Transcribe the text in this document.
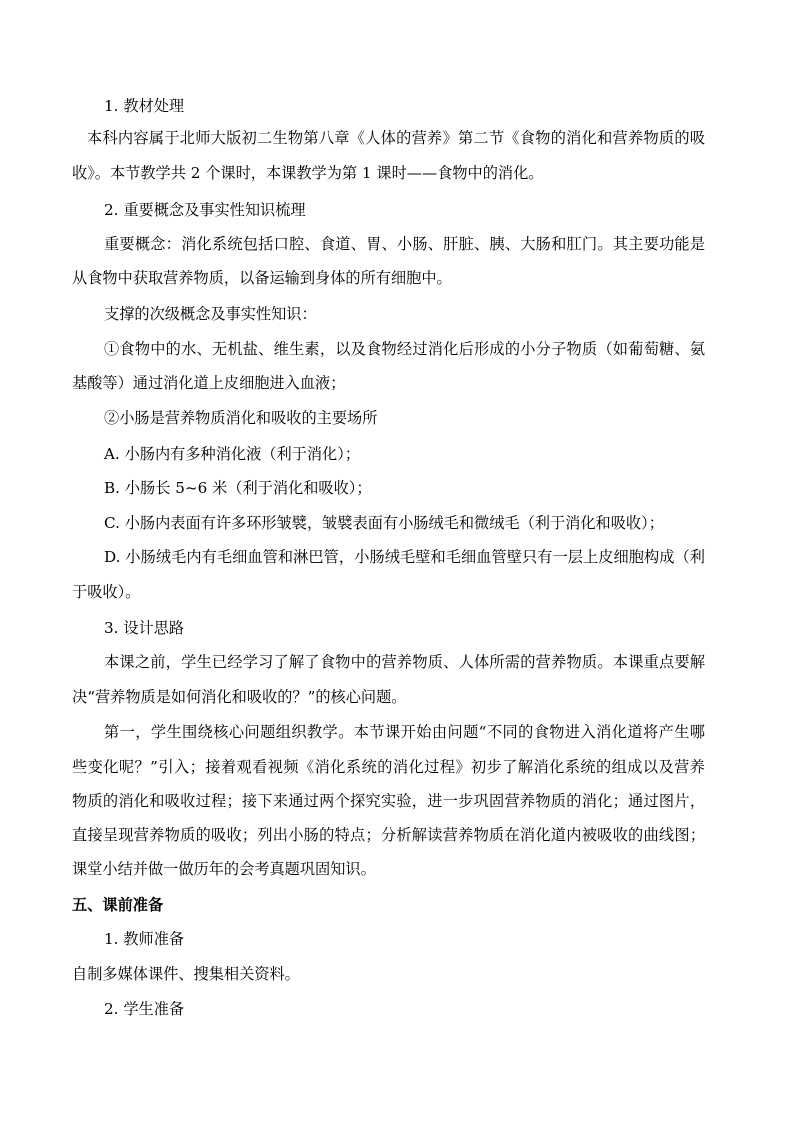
1. 教材处理
本科内容属于北师大版初二生物第八章《人体的营养》第二节《食物的消化和营养物质的吸
收》。本节教学共 2 个课时，本课教学为第 1 课时——食物中的消化。
2. 重要概念及事实性知识梳理
重要概念：消化系统包括口腔、食道、胃、小肠、肝脏、胰、大肠和肛门。其主要功能是
从食物中获取营养物质，以备运输到身体的所有细胞中。
支撑的次级概念及事实性知识：
①食物中的水、无机盐、维生素，以及食物经过消化后形成的小分子物质（如葡萄糖、氨
基酸等）通过消化道上皮细胞进入血液；
②小肠是营养物质消化和吸收的主要场所
A. 小肠内有多种消化液（利于消化）；
B. 小肠长 5~6 米（利于消化和吸收）；
C. 小肠内表面有许多环形皱襞，皱襞表面有小肠绒毛和微绒毛（利于消化和吸收）；
D. 小肠绒毛内有毛细血管和淋巴管，小肠绒毛壁和毛细血管壁只有一层上皮细胞构成（利
于吸收）。
3. 设计思路
本课之前，学生已经学习了解了食物中的营养物质、人体所需的营养物质。本课重点要解
决“营养物质是如何消化和吸收的？”的核心问题。
第一，学生围绕核心问题组织教学。本节课开始由问题“不同的食物进入消化道将产生哪
些变化呢？”引入；接着观看视频《消化系统的消化过程》初步了解消化系统的组成以及营养
物质的消化和吸收过程；接下来通过两个探究实验，进一步巩固营养物质的消化；通过图片，
直接呈现营养物质的吸收；列出小肠的特点；分析解读营养物质在消化道内被吸收的曲线图；
课堂小结并做一做历年的会考真题巩固知识。
五、课前准备
1. 教师准备
自制多媒体课件、搜集相关资料。
2. 学生准备
